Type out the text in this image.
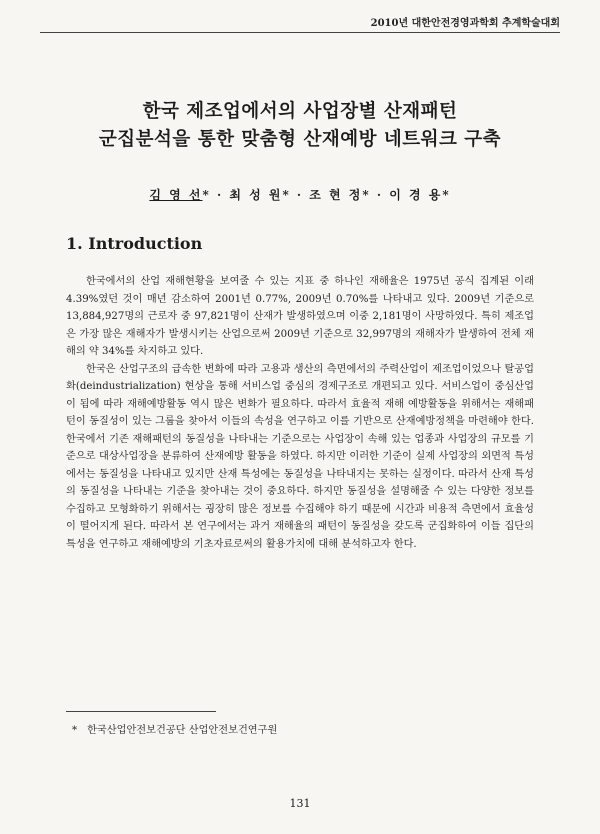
2010년 대한안전경영과학회 추계학술대회
한국 제조업에서의 사업장별 산재패턴
군집분석을 통한 맞춤형 산재예방 네트워크 구축
김 영 선* · 최 성 원* · 조 현 정* · 이 경 용*
1. Introduction

한국에서의 산업 재해현황을 보여줄 수 있는 지표 중 하나인 재해율은 1975년 공식 집계된 이래 4.39%였던 것이 매년 감소하여 2001년 0.77%, 2009년 0.70%를 나타내고 있다. 2009년 기준으로 13,884,927명의 근로자 중 97,821명이 산재가 발생하였으며 이중 2,181명이 사망하였다. 특히 제조업은 가장 많은 재해자가 발생시키는 산업으로써 2009년 기준으로 32,997명의 재해자가 발생하여 전체 재해의 약 34%를 차지하고 있다.

한국은 산업구조의 급속한 변화에 따라 고용과 생산의 측면에서의 주력산업이 제조업이었으나 탈공업화(deindustrialization) 현상을 통해 서비스업 중심의 경제구조로 개편되고 있다. 서비스업이 중심산업이 됨에 따라 재해예방활동 역시 많은 변화가 필요하다. 따라서 효율적 재해 예방활동을 위해서는 재해패턴이 동질성이 있는 그룹을 찾아서 이들의 속성을 연구하고 이를 기반으로 산재예방정책을 마련해야 한다. 한국에서 기존 재해패턴의 동질성을 나타내는 기준으로는 사업장이 속해 있는 업종과 사업장의 규모를 기준으로 대상사업장을 분류하여 산재예방 활동을 하였다. 하지만 이러한 기준이 실제 사업장의 외면적 특성에서는 동질성을 나타내고 있지만 산재 특성에는 동질성을 나타내지는 못하는 실정이다. 따라서 산재 특성의 동질성을 나타내는 기준을 찾아내는 것이 중요하다. 하지만 동질성을 설명해줄 수 있는 다양한 정보를 수집하고 모형화하기 위해서는 굉장히 많은 정보를 수집해야 하기 때문에 시간과 비용적 측면에서 효율성이 떨어지게 된다. 따라서 본 연구에서는 과거 재해율의 패턴이 동질성을 갖도록 군집화하여 이들 집단의 특성을 연구하고 재해예방의 기초자료로써의 활용가치에 대해 분석하고자 한다.

* 한국산업안전보건공단 산업안전보건연구원
131
